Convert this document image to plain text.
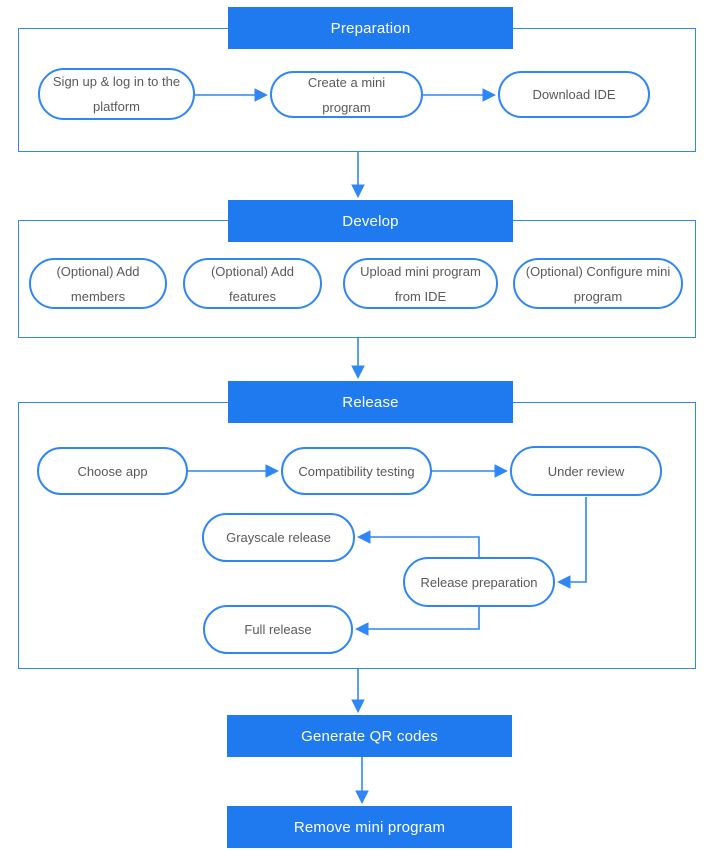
Preparation
Sign up & log in to the platform
Create a mini program
Download IDE
Develop
(Optional) Add members
(Optional) Add features
Upload mini program from IDE
(Optional) Configure mini program
Release
Choose app	Compatibility testing	Under review
Grayscale release
Release preparation
Full release
Generate QR codes
Remove mini program
